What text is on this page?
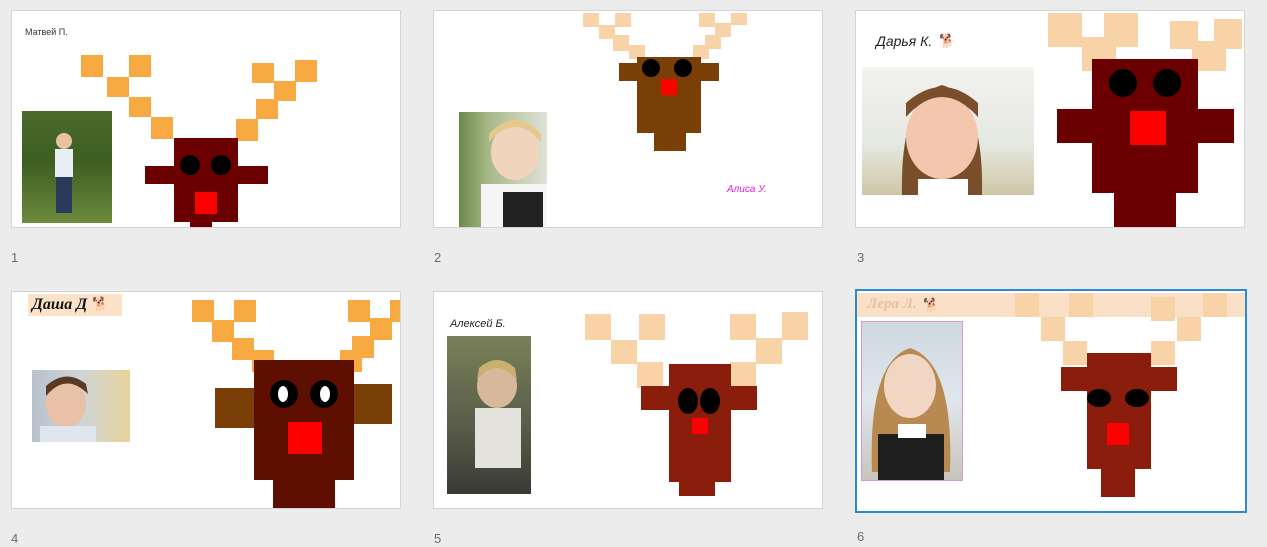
Матвей П.
1
Алиса У.
2
Дарья К. 🐕
3
Даша Д 🐕
4
Алексей Б.
5
Лера Л. 🐕
6
